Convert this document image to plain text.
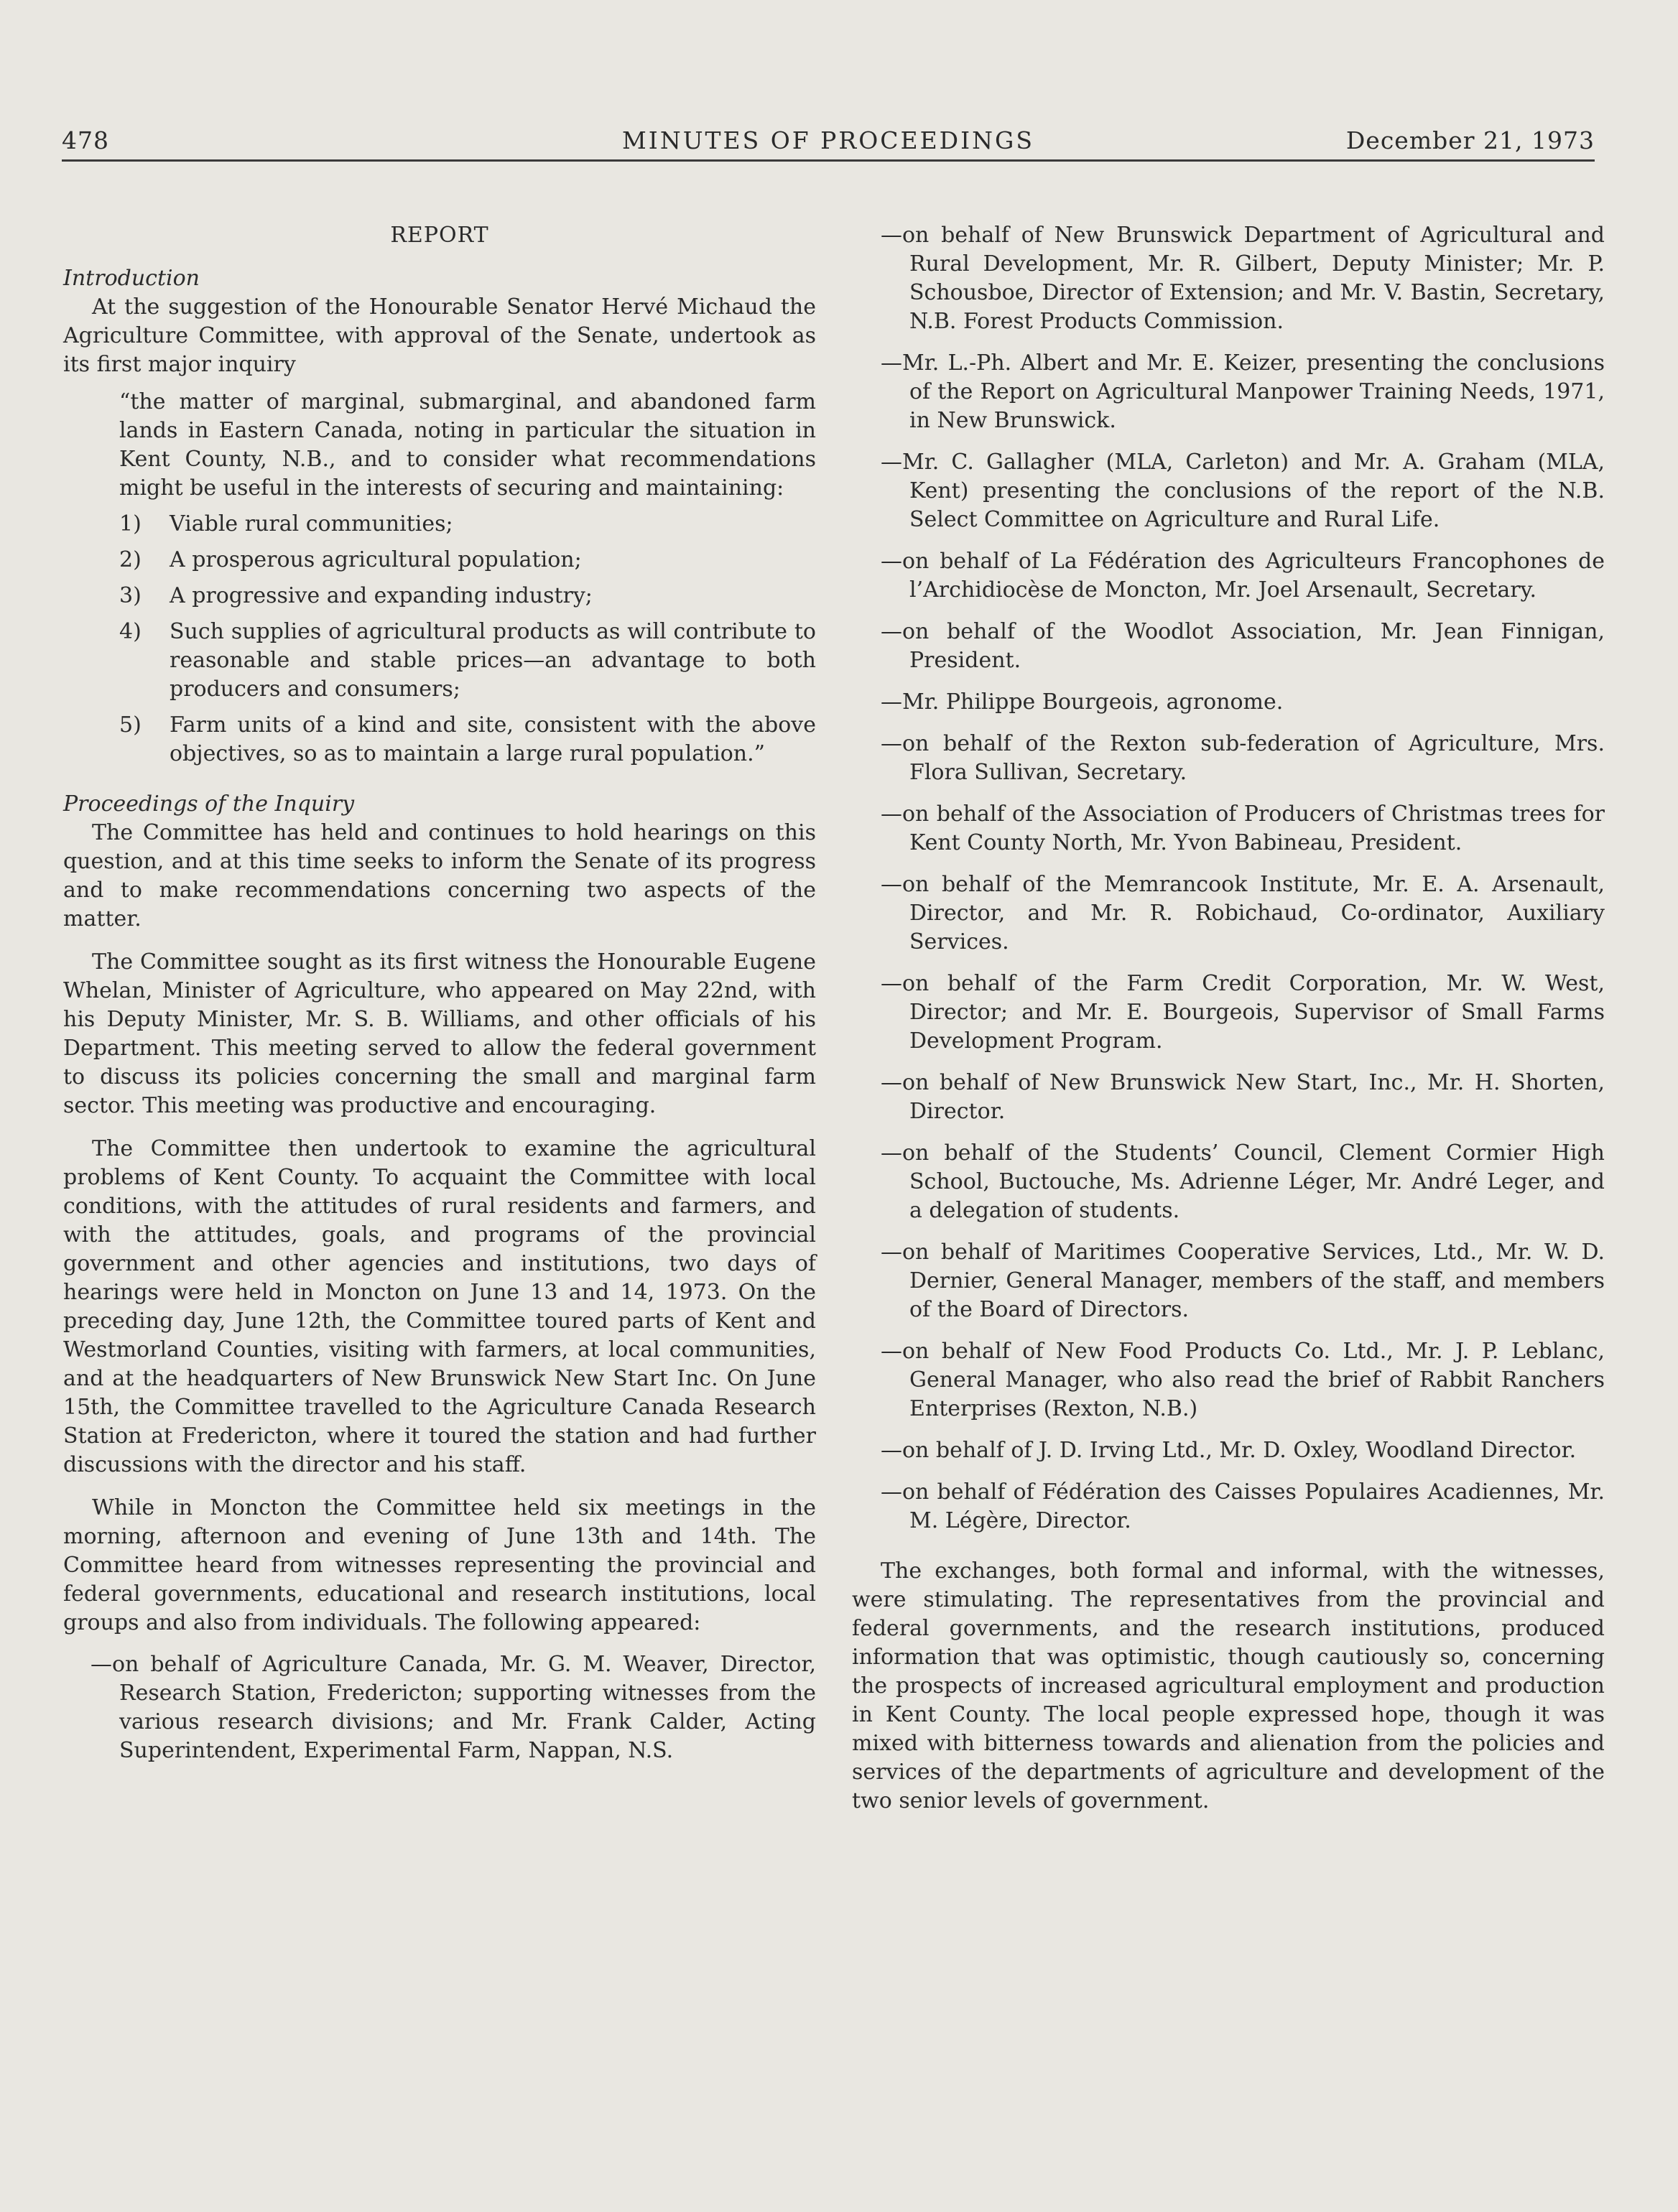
478	MINUTES OF PROCEEDINGS	December 21, 1973

REPORT

Introduction

At the suggestion of the Honourable Senator Hervé Michaud the Agriculture Committee, with approval of the Senate, undertook as its first major inquiry

“the matter of marginal, submarginal, and abandoned farm lands in Eastern Canada, noting in particular the situation in Kent County, N.B., and to consider what recommendations might be useful in the interests of securing and maintaining:

1) Viable rural communities;
2) A prosperous agricultural population;
3) A progressive and expanding industry;
4) Such supplies of agricultural products as will contribute to reasonable and stable prices—an advantage to both producers and consumers;
5) Farm units of a kind and site, consistent with the above objectives, so as to maintain a large rural population.”

Proceedings of the Inquiry

The Committee has held and continues to hold hearings on this question, and at this time seeks to inform the Senate of its progress and to make recommendations concerning two aspects of the matter.

The Committee sought as its first witness the Honourable Eugene Whelan, Minister of Agriculture, who appeared on May 22nd, with his Deputy Minister, Mr. S. B. Williams, and other officials of his Department. This meeting served to allow the federal government to discuss its policies concerning the small and marginal farm sector. This meeting was productive and encouraging.

The Committee then undertook to examine the agricultural problems of Kent County. To acquaint the Committee with local conditions, with the attitudes of rural residents and farmers, and with the attitudes, goals, and programs of the provincial government and other agencies and institutions, two days of hearings were held in Moncton on June 13 and 14, 1973. On the preceding day, June 12th, the Committee toured parts of Kent and Westmorland Counties, visiting with farmers, at local communities, and at the headquarters of New Brunswick New Start Inc. On June 15th, the Committee travelled to the Agriculture Canada Research Station at Fredericton, where it toured the station and had further discussions with the director and his staff.

While in Moncton the Committee held six meetings in the morning, afternoon and evening of June 13th and 14th. The Committee heard from witnesses representing the provincial and federal governments, educational and research institutions, local groups and also from individuals. The following appeared:

—on behalf of Agriculture Canada, Mr. G. M. Weaver, Director, Research Station, Fredericton; supporting witnesses from the various research divisions; and Mr. Frank Calder, Acting Superintendent, Experimental Farm, Nappan, N.S.

—on behalf of New Brunswick Department of Agricultural and Rural Development, Mr. R. Gilbert, Deputy Minister; Mr. P. Schousboe, Director of Extension; and Mr. V. Bastin, Secretary, N.B. Forest Products Commission.

—Mr. L.-Ph. Albert and Mr. E. Keizer, presenting the conclusions of the Report on Agricultural Manpower Training Needs, 1971, in New Brunswick.

—Mr. C. Gallagher (MLA, Carleton) and Mr. A. Graham (MLA, Kent) presenting the conclusions of the report of the N.B. Select Committee on Agriculture and Rural Life.

—on behalf of La Fédération des Agriculteurs Francophones de l’Archidiocèse de Moncton, Mr. Joel Arsenault, Secretary.

—on behalf of the Woodlot Association, Mr. Jean Finnigan, President.

—Mr. Philippe Bourgeois, agronome.

—on behalf of the Rexton sub-federation of Agriculture, Mrs. Flora Sullivan, Secretary.

—on behalf of the Association of Producers of Christmas trees for Kent County North, Mr. Yvon Babineau, President.

—on behalf of the Memrancook Institute, Mr. E. A. Arsenault, Director, and Mr. R. Robichaud, Co-ordinator, Auxiliary Services.

—on behalf of the Farm Credit Corporation, Mr. W. West, Director; and Mr. E. Bourgeois, Supervisor of Small Farms Development Program.

—on behalf of New Brunswick New Start, Inc., Mr. H. Shorten, Director.

—on behalf of the Students’ Council, Clement Cormier High School, Buctouche, Ms. Adrienne Léger, Mr. André Leger, and a delegation of students.

—on behalf of Maritimes Cooperative Services, Ltd., Mr. W. D. Dernier, General Manager, members of the staff, and members of the Board of Directors.

—on behalf of New Food Products Co. Ltd., Mr. J. P. Leblanc, General Manager, who also read the brief of Rabbit Ranchers Enterprises (Rexton, N.B.)

—on behalf of J. D. Irving Ltd., Mr. D. Oxley, Woodland Director.

—on behalf of Fédération des Caisses Populaires Acadiennes, Mr. M. Légère, Director.

The exchanges, both formal and informal, with the witnesses, were stimulating. The representatives from the provincial and federal governments, and the research institutions, produced information that was optimistic, though cautiously so, concerning the prospects of increased agricultural employment and production in Kent County. The local people expressed hope, though it was mixed with bitterness towards and alienation from the policies and services of the departments of agriculture and development of the two senior levels of government.
